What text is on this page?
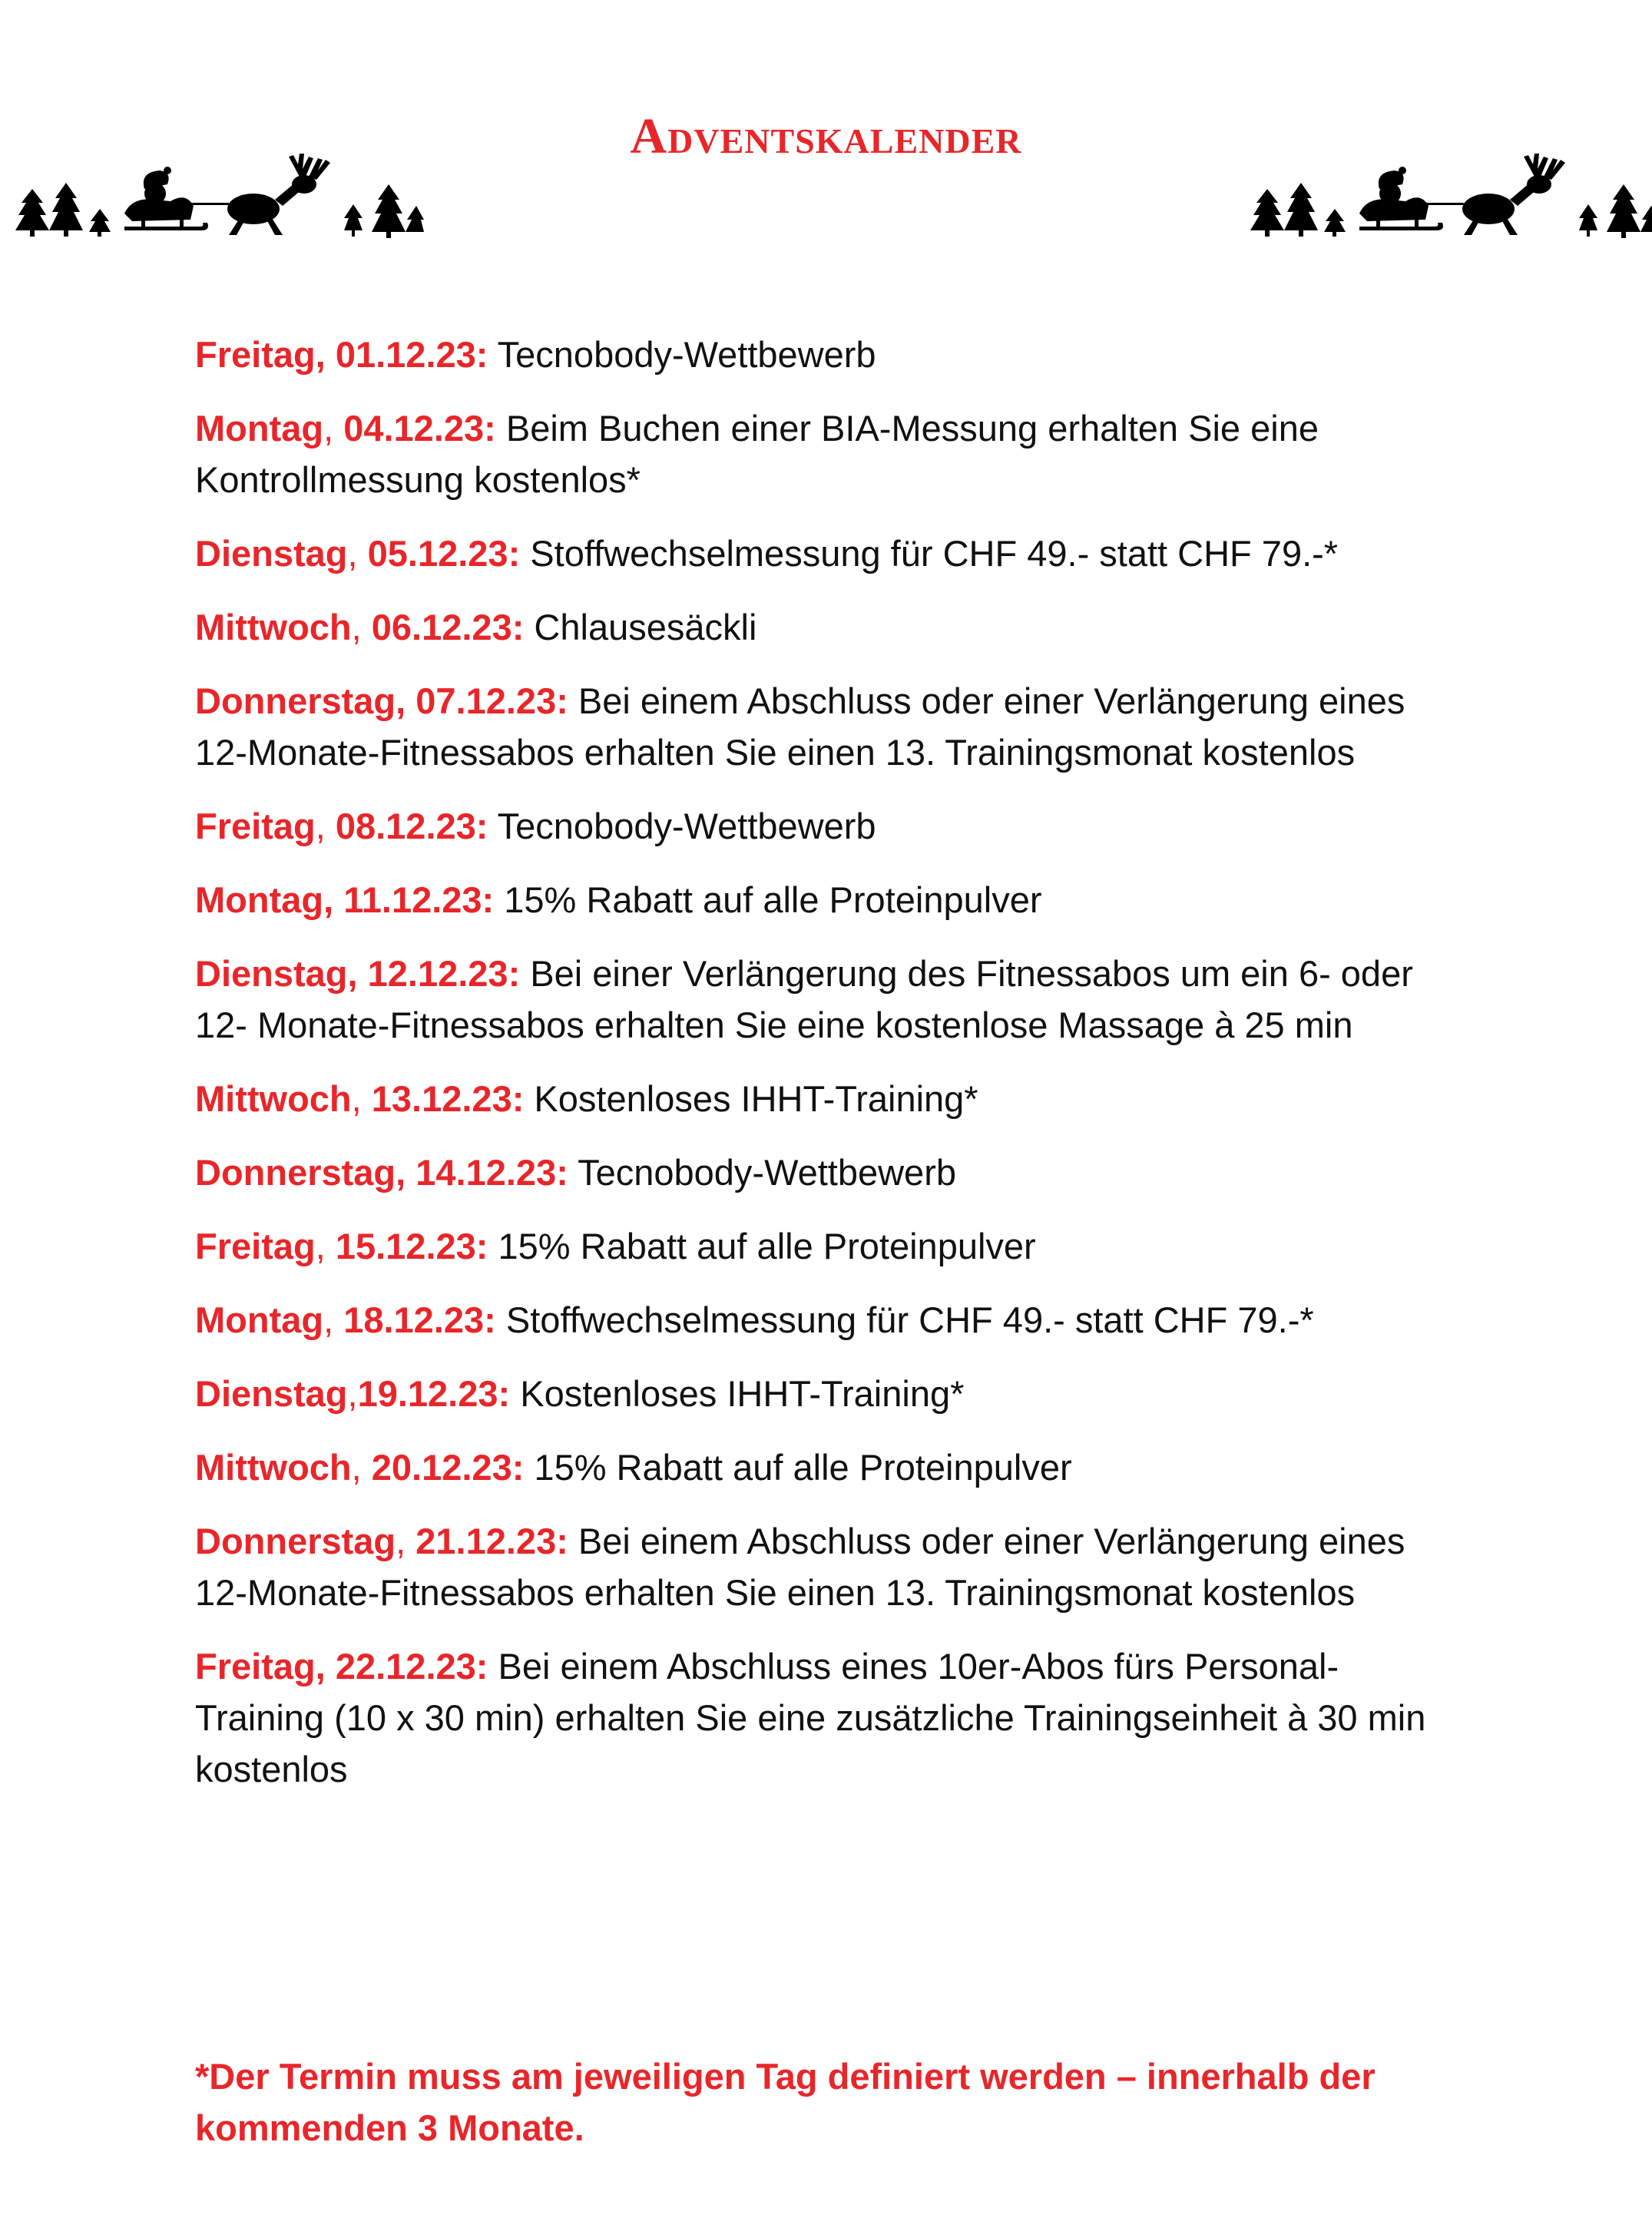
Adventskalender

Freitag, 01.12.23: Tecnobody-Wettbewerb

Montag, 04.12.23: Beim Buchen einer BIA-Messung erhalten Sie eine Kontrollmessung kostenlos*

Dienstag, 05.12.23: Stoffwechselmessung für CHF 49.- statt CHF 79.-*

Mittwoch, 06.12.23: Chlausesäckli

Donnerstag, 07.12.23: Bei einem Abschluss oder einer Verlängerung eines 12-Monate-Fitnessabos erhalten Sie einen 13. Trainingsmonat kostenlos

Freitag, 08.12.23: Tecnobody-Wettbewerb

Montag, 11.12.23: 15% Rabatt auf alle Proteinpulver

Dienstag, 12.12.23: Bei einer Verlängerung des Fitnessabos um ein 6- oder 12- Monate-Fitnessabos erhalten Sie eine kostenlose Massage à 25 min

Mittwoch, 13.12.23: Kostenloses IHHT-Training*

Donnerstag, 14.12.23: Tecnobody-Wettbewerb

Freitag, 15.12.23: 15% Rabatt auf alle Proteinpulver

Montag, 18.12.23: Stoffwechselmessung für CHF 49.- statt CHF 79.-*

Dienstag,19.12.23: Kostenloses IHHT-Training*

Mittwoch, 20.12.23: 15% Rabatt auf alle Proteinpulver

Donnerstag, 21.12.23: Bei einem Abschluss oder einer Verlängerung eines 12-Monate-Fitnessabos erhalten Sie einen 13. Trainingsmonat kostenlos

Freitag, 22.12.23: Bei einem Abschluss eines 10er-Abos fürs Personal-Training (10 x 30 min) erhalten Sie eine zusätzliche Trainingseinheit à 30 min kostenlos

*Der Termin muss am jeweiligen Tag definiert werden – innerhalb der kommenden 3 Monate.
